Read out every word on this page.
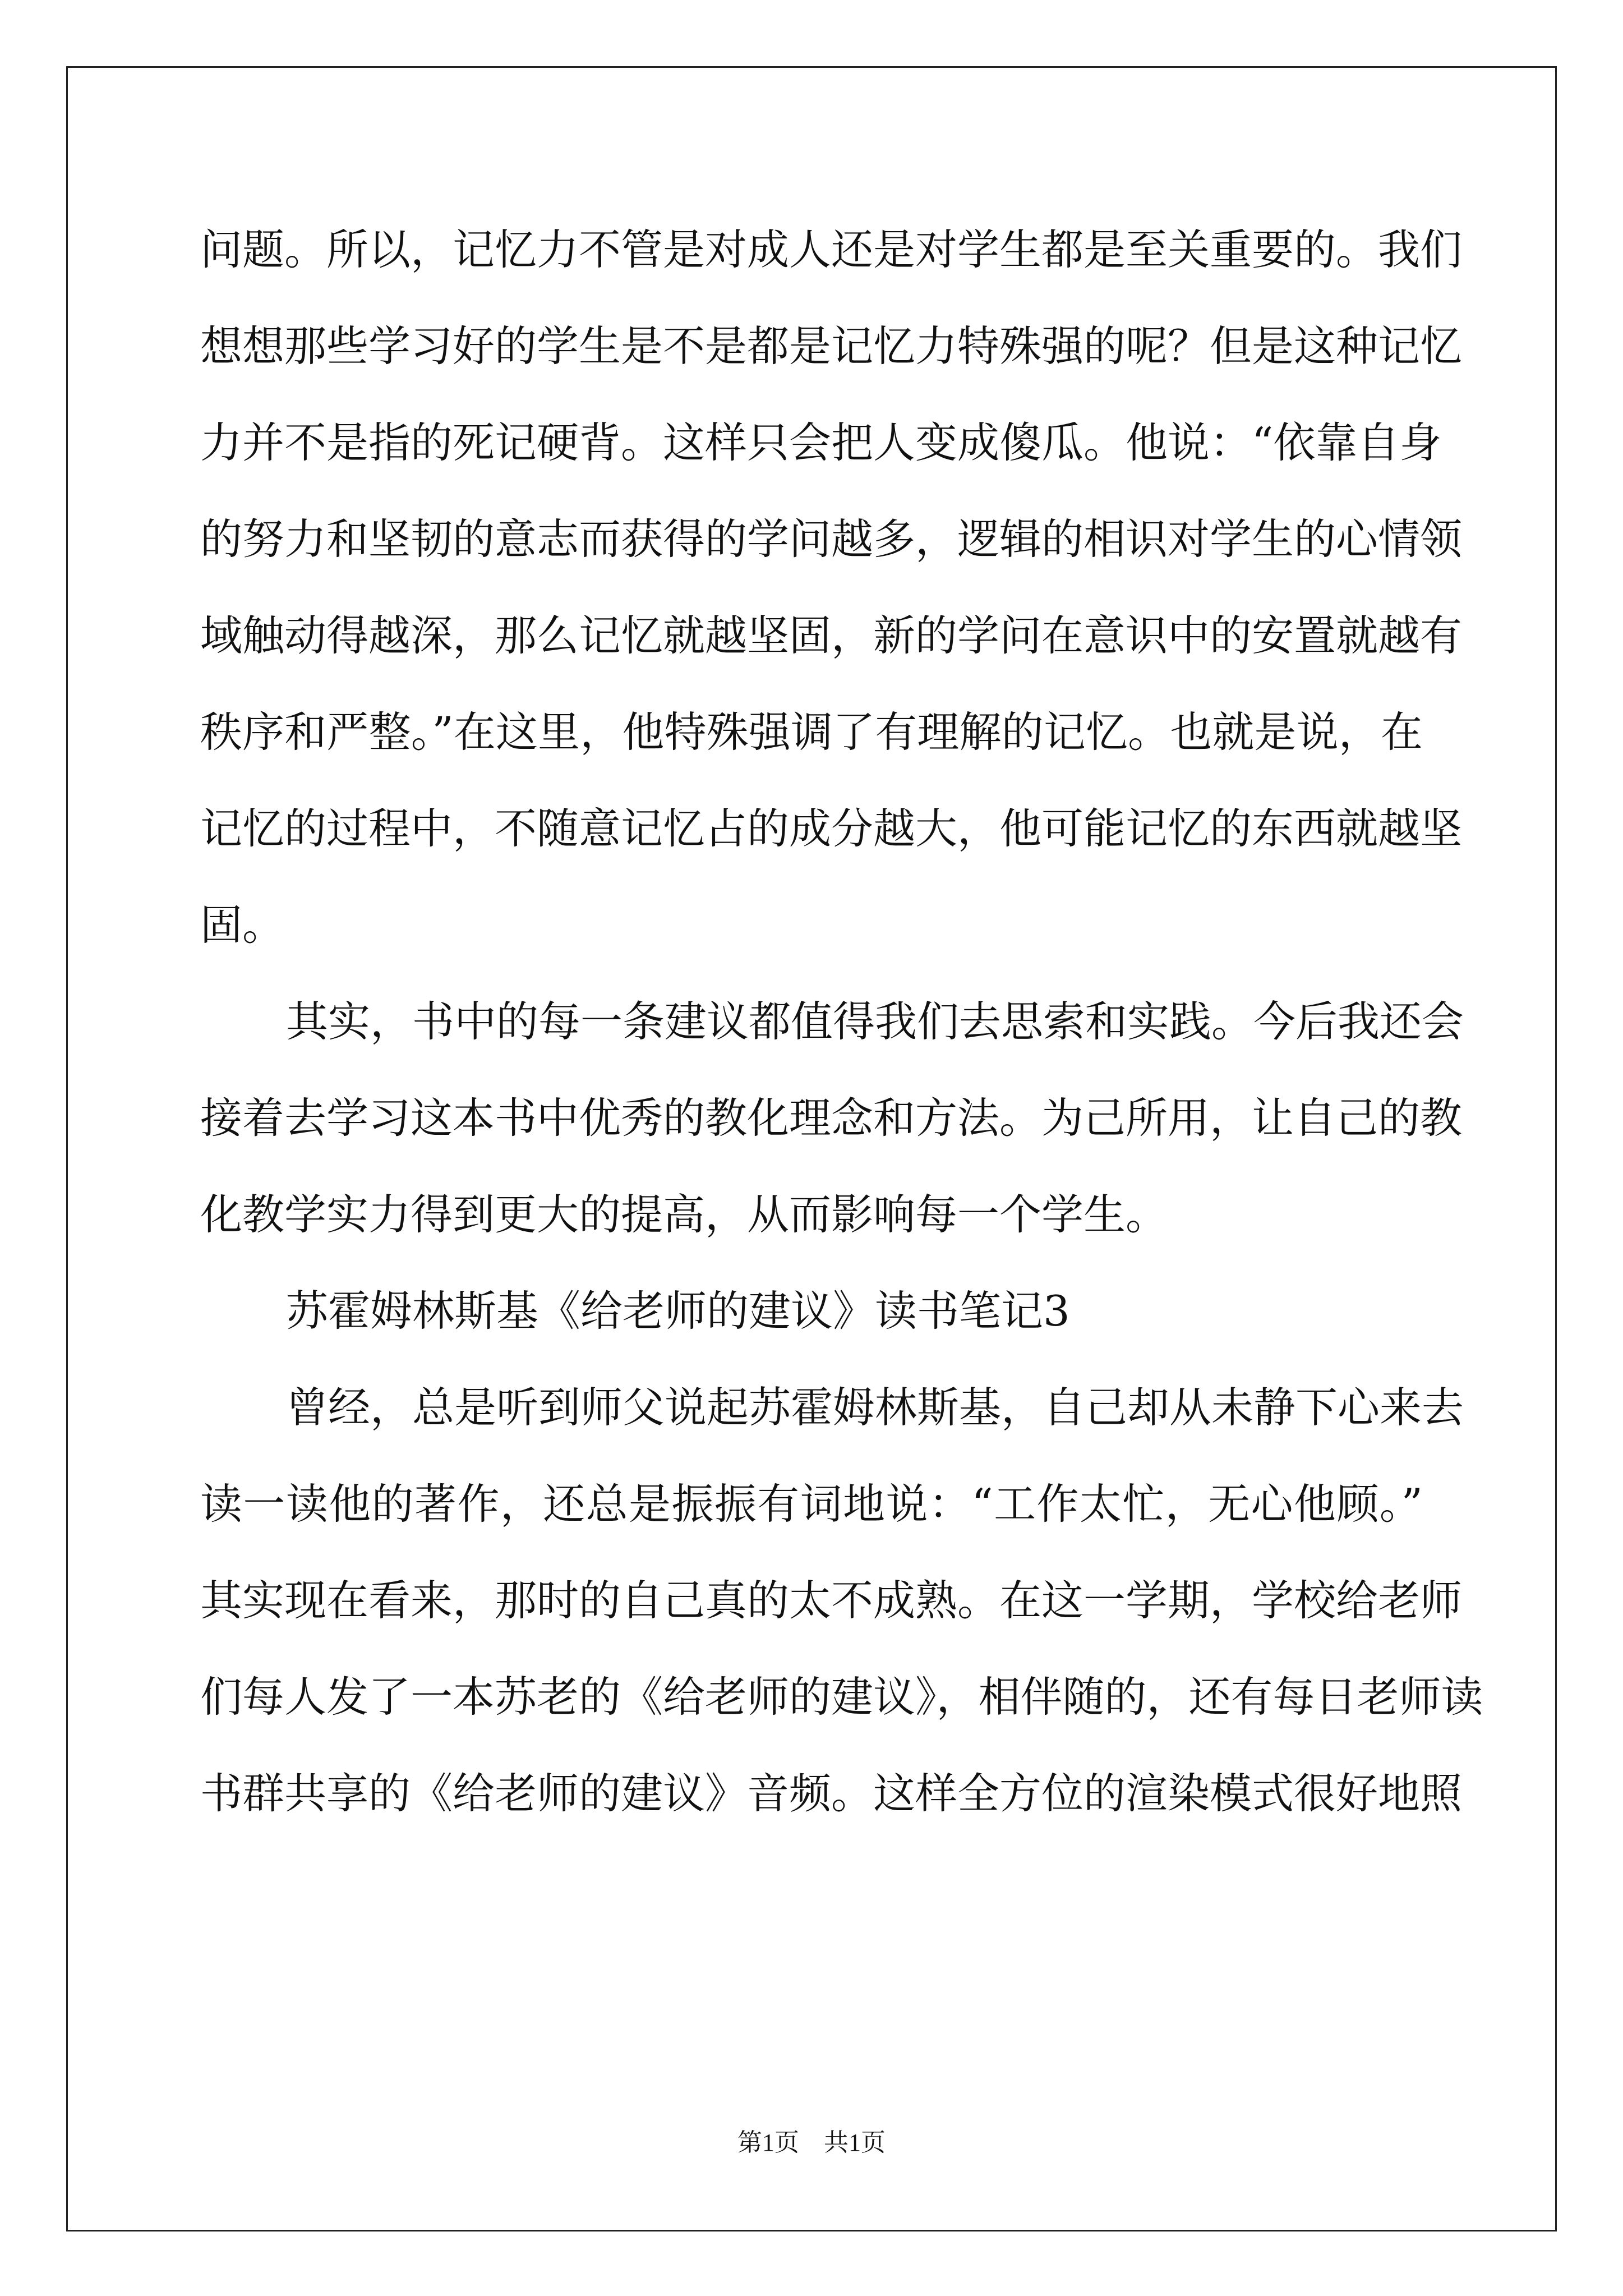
问题。所以，记忆力不管是对成人还是对学生都是至关重要的。我们
想想那些学习好的学生是不是都是记忆力特殊强的呢？但是这种记忆
力并不是指的死记硬背。这样只会把人变成傻瓜。他说：“依靠自身
的努力和坚韧的意志而获得的学问越多，逻辑的相识对学生的心情领
域触动得越深，那么记忆就越坚固，新的学问在意识中的安置就越有
秩序和严整。”在这里，他特殊强调了有理解的记忆。也就是说，在
记忆的过程中，不随意记忆占的成分越大，他可能记忆的东西就越坚
固。
其实，书中的每一条建议都值得我们去思索和实践。今后我还会
接着去学习这本书中优秀的教化理念和方法。为己所用，让自己的教
化教学实力得到更大的提高，从而影响每一个学生。
苏霍姆林斯基《给老师的建议》读书笔记3
曾经，总是听到师父说起苏霍姆林斯基，自己却从未静下心来去
读一读他的著作，还总是振振有词地说：“工作太忙，无心他顾。”
其实现在看来，那时的自己真的太不成熟。在这一学期，学校给老师
们每人发了一本苏老的《给老师的建议》，相伴随的，还有每日老师读
书群共享的《给老师的建议》音频。这样全方位的渲染模式很好地照
第1页　共1页
